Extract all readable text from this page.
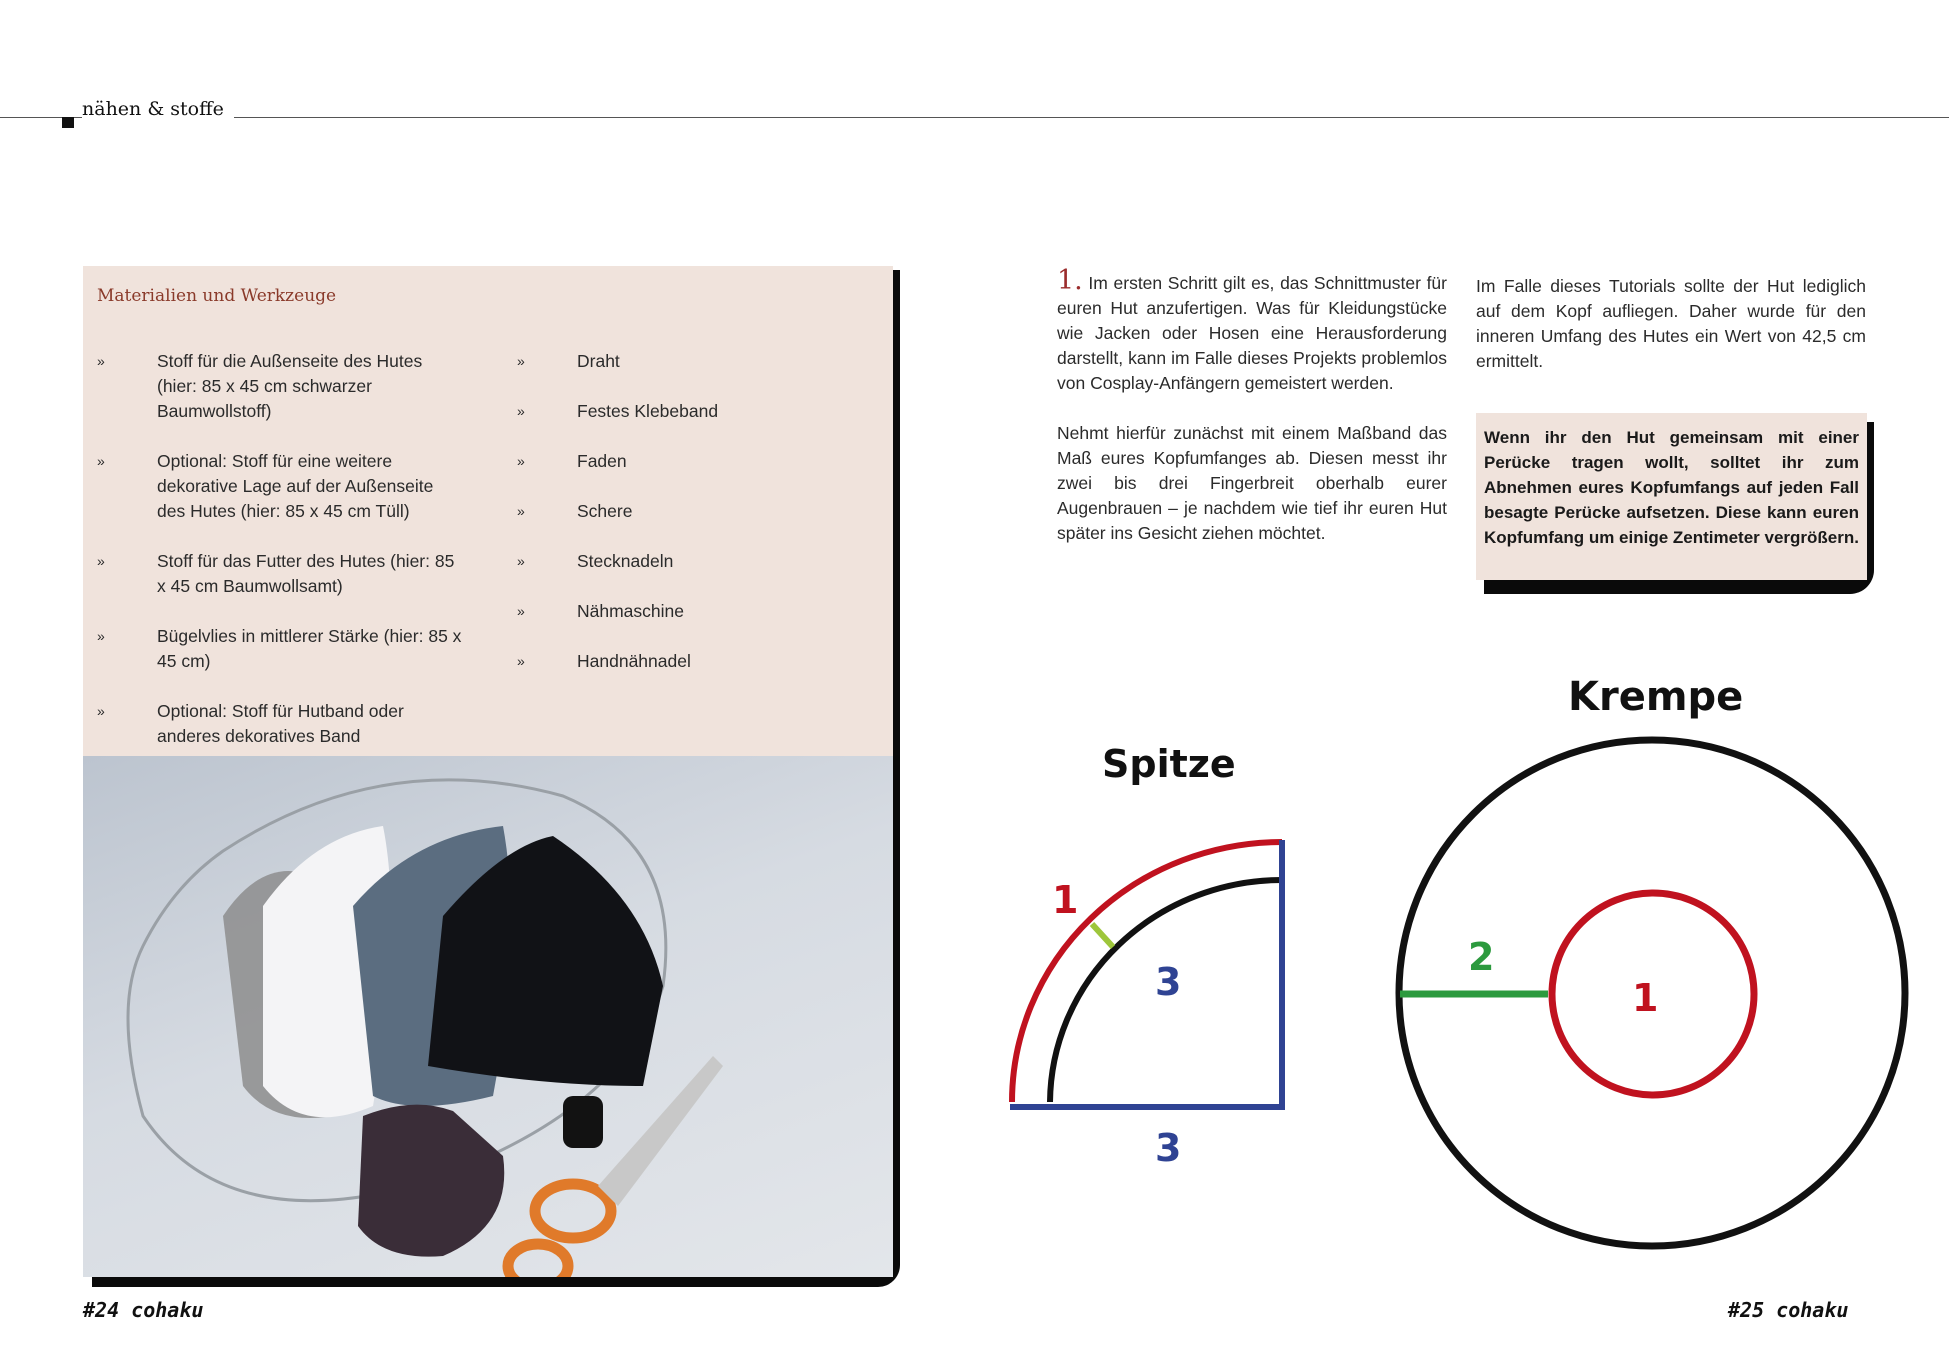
nähen & stoffe
Materialien und Werkzeuge
»	Stoff für die Außenseite des Hutes (hier: 85 x 45 cm schwarzer Baumwollstoff)
»	Optional: Stoff für eine weitere dekorative Lage auf der Außenseite des Hutes (hier: 85 x 45 cm Tüll)
»	Stoff für das Futter des Hutes (hier: 85 x 45 cm Baumwollsamt)
»	Bügelvlies in mittlerer Stärke (hier: 85 x 45 cm)
»	Optional: Stoff für Hutband oder anderes dekoratives Band
»	Draht
»	Festes Klebeband
»	Faden
»	Schere
»	Stecknadeln
»	Nähmaschine
»	Handnähnadel

1. Im ersten Schritt gilt es, das Schnittmuster für euren Hut anzufertigen. Was für Kleidungstücke wie Jacken oder Hosen eine Herausforderung darstellt, kann im Falle dieses Projekts problemlos von Cosplay-Anfängern gemeistert werden.

Nehmt hierfür zunächst mit einem Maßband das Maß eures Kopfumfanges ab. Diesen messt ihr zwei bis drei Fingerbreit oberhalb eurer Augenbrauen – je nachdem wie tief ihr euren Hut später ins Gesicht ziehen möchtet.

Im Falle dieses Tutorials sollte der Hut lediglich auf dem Kopf aufliegen. Daher wurde für den inneren Umfang des Hutes ein Wert von 42,5 cm ermittelt.

Wenn ihr den Hut gemeinsam mit einer Perücke tragen wollt, solltet ihr zum Abnehmen eures Kopfumfangs auf jeden Fall besagte Perücke aufsetzen. Diese kann euren Kopfumfang um einige Zentimeter vergrößern.
Spitze
1
3
3
Krempe
2
1
#24 cohaku	#25 cohaku
